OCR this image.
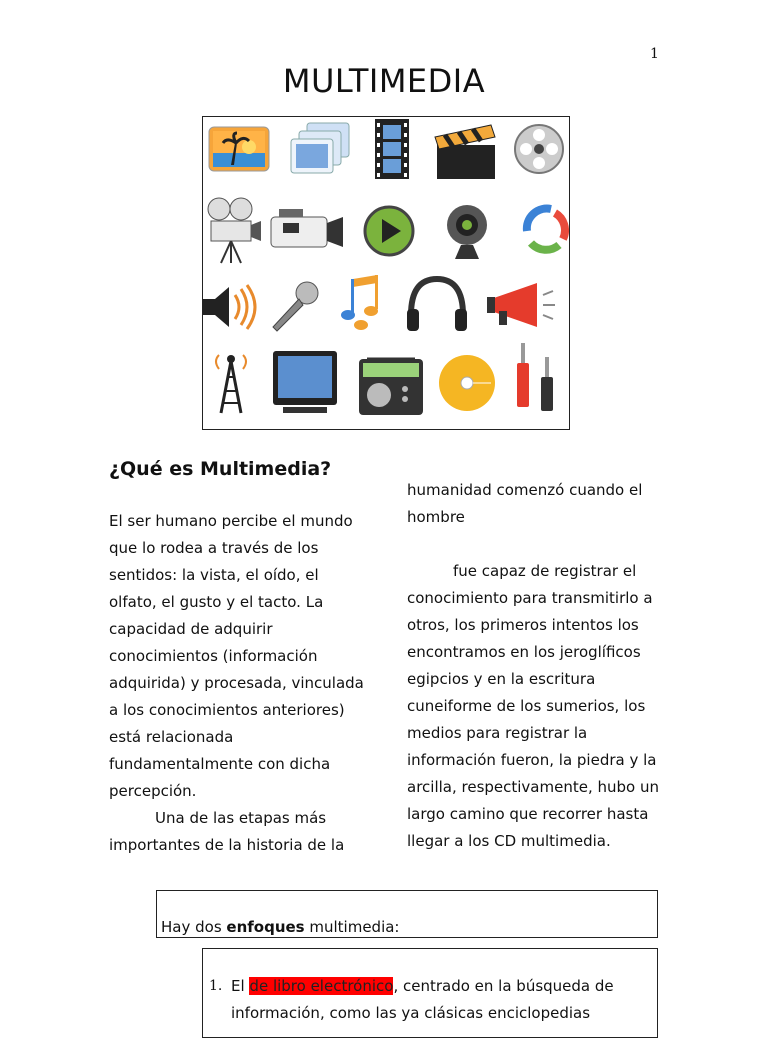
1
MULTIMEDIA
¿Qué es Multimedia?

El ser humano percibe el mundo que lo rodea a través de los sentidos: la vista, el oído, el olfato, el gusto y el tacto. La capacidad de adquirir conocimientos (información adquirida) y procesada, vinculada a los conocimientos anteriores) está relacionada fundamentalmente con dicha percepción.

Una de las etapas más importantes de la historia de la

humanidad comenzó cuando el hombre

fue capaz de registrar el conocimiento para transmitirlo a otros, los primeros intentos los encontramos en los jeroglíficos egipcios y en la escritura cuneiforme de los sumerios, los medios para registrar la información fueron, la piedra y la arcilla, respectivamente, hubo un largo camino que recorrer hasta llegar a los CD multimedia.

Hay dos enfoques multimedia:
1. El de libro electrónico, centrado en la búsqueda de información, como las ya clásicas enciclopedias
